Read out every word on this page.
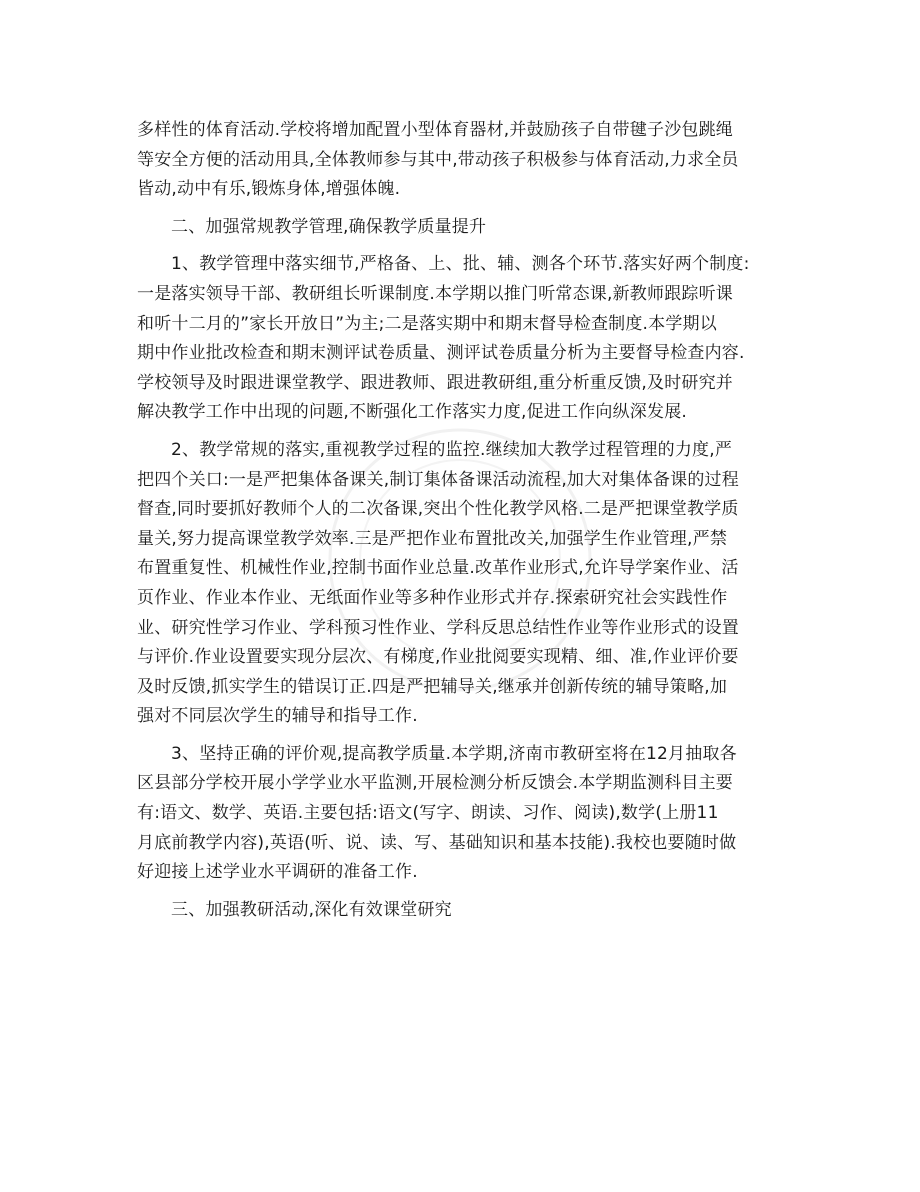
多样性的体育活动.学校将增加配置小型体育器材,并鼓励孩子自带毽子沙包跳绳
等安全方便的活动用具,全体教师参与其中,带动孩子积极参与体育活动,力求全员
皆动,动中有乐,锻炼身体,增强体魄.
二、加强常规教学管理,确保教学质量提升
1、教学管理中落实细节,严格备、上、批、辅、测各个环节.落实好两个制度:
一是落实领导干部、教研组长听课制度.本学期以推门听常态课,新教师跟踪听课
和听十二月的”家长开放日”为主;二是落实期中和期末督导检查制度.本学期以
期中作业批改检查和期末测评试卷质量、测评试卷质量分析为主要督导检查内容.
学校领导及时跟进课堂教学、跟进教师、跟进教研组,重分析重反馈,及时研究并
解决教学工作中出现的问题,不断强化工作落实力度,促进工作向纵深发展.
2、教学常规的落实,重视教学过程的监控.继续加大教学过程管理的力度,严
把四个关口:一是严把集体备课关,制订集体备课活动流程,加大对集体备课的过程
督查,同时要抓好教师个人的二次备课,突出个性化教学风格.二是严把课堂教学质
量关,努力提高课堂教学效率.三是严把作业布置批改关,加强学生作业管理,严禁
布置重复性、机械性作业,控制书面作业总量.改革作业形式,允许导学案作业、活
页作业、作业本作业、无纸面作业等多种作业形式并存.探索研究社会实践性作
业、研究性学习作业、学科预习性作业、学科反思总结性作业等作业形式的设置
与评价.作业设置要实现分层次、有梯度,作业批阅要实现精、细、准,作业评价要
及时反馈,抓实学生的错误订正.四是严把辅导关,继承并创新传统的辅导策略,加
强对不同层次学生的辅导和指导工作.
3、坚持正确的评价观,提高教学质量.本学期,济南市教研室将在12月抽取各
区县部分学校开展小学学业水平监测,开展检测分析反馈会.本学期监测科目主要
有:语文、数学、英语.主要包括:语文(写字、朗读、习作、阅读),数学(上册11
月底前教学内容),英语(听、说、读、写、基础知识和基本技能).我校也要随时做
好迎接上述学业水平调研的准备工作.
三、加强教研活动,深化有效课堂研究
